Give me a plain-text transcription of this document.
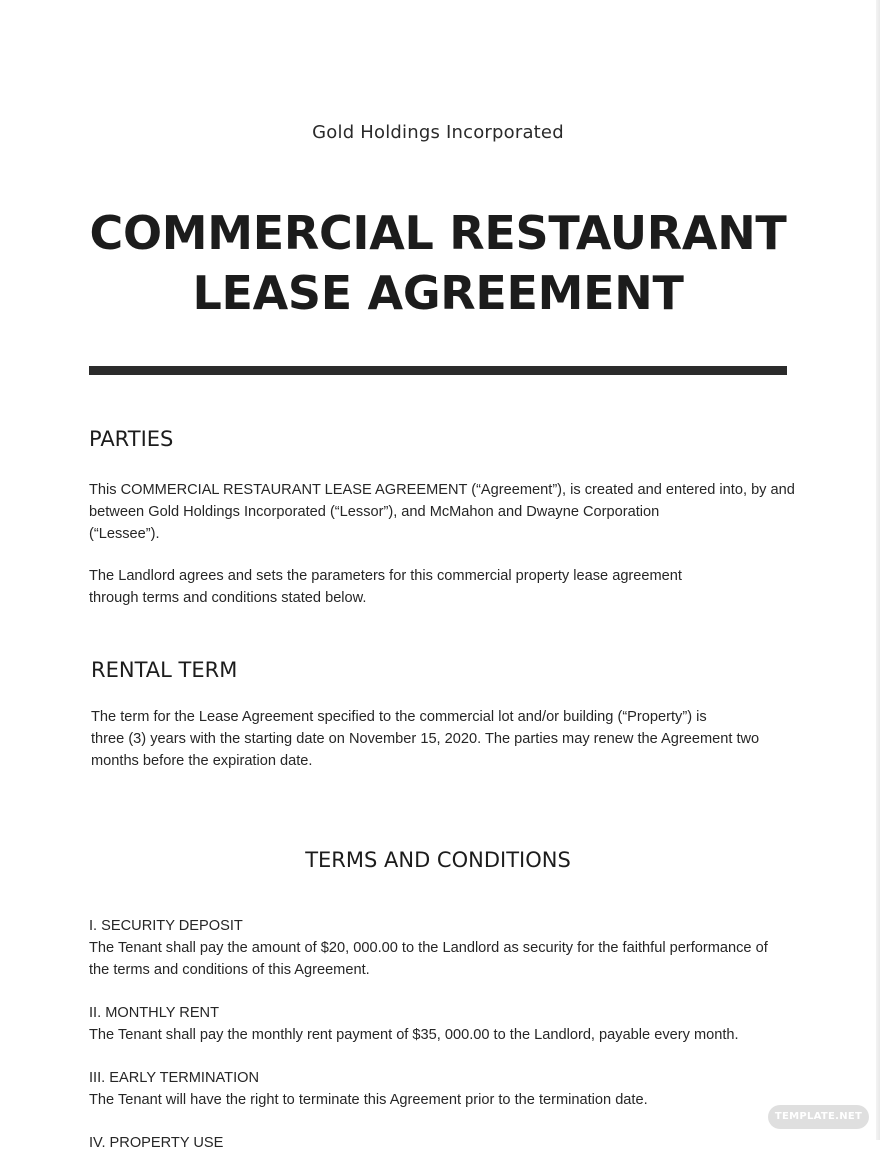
Gold Holdings Incorporated
COMMERCIAL RESTAURANT
LEASE AGREEMENT
PARTIES

This COMMERCIAL RESTAURANT LEASE AGREEMENT (“Agreement”), is created and entered into, by and
between Gold Holdings Incorporated (“Lessor”), and McMahon and Dwayne Corporation
(“Lessee”).

The Landlord agrees and sets the parameters for this commercial property lease agreement
through terms and conditions stated below.

RENTAL TERM

The term for the Lease Agreement specified to the commercial lot and/or building (“Property”) is
three (3) years with the starting date on November 15, 2020. The parties may renew the Agreement two
months before the expiration date.

TERMS AND CONDITIONS

I. SECURITY DEPOSIT
The Tenant shall pay the amount of $20, 000.00 to the Landlord as security for the faithful performance of
the terms and conditions of this Agreement.

II. MONTHLY RENT
The Tenant shall pay the monthly rent payment of $35, 000.00 to the Landlord, payable every month.

III. EARLY TERMINATION
The Tenant will have the right to terminate this Agreement prior to the termination date.

IV. PROPERTY USE

TEMPLATE.NET
